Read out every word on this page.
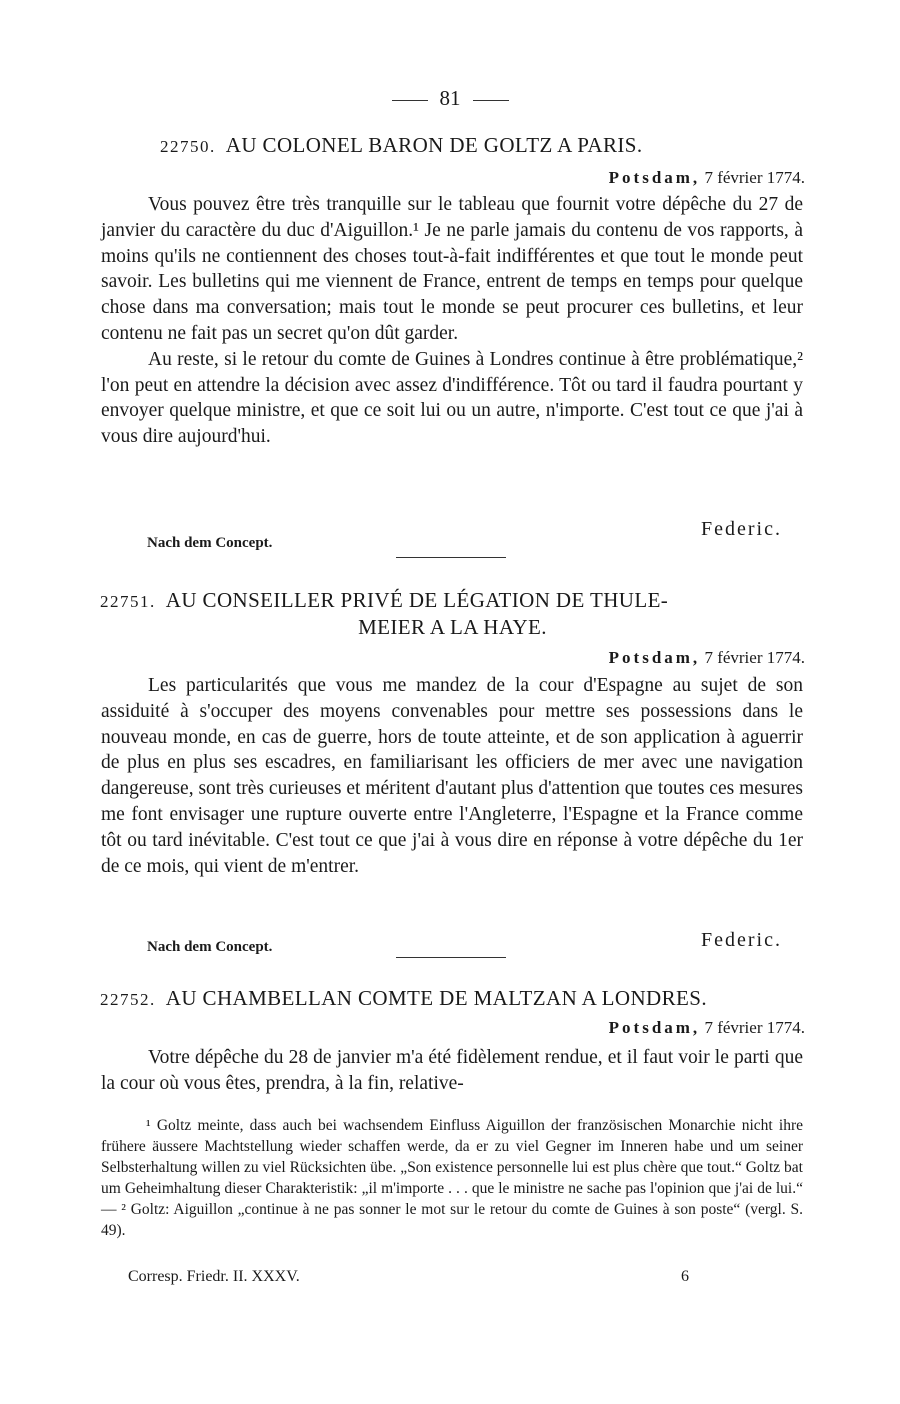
81
22750. AU COLONEL BARON DE GOLTZ A PARIS.
Potsdam, 7 février 1774.

Vous pouvez être très tranquille sur le tableau que fournit votre dépêche du 27 de janvier du caractère du duc d'Aiguillon.¹ Je ne parle jamais du contenu de vos rapports, à moins qu'ils ne contiennent des choses tout-à-fait indifférentes et que tout le monde peut savoir. Les bulletins qui me viennent de France, entrent de temps en temps pour quelque chose dans ma conversation; mais tout le monde se peut procurer ces bulletins, et leur contenu ne fait pas un secret qu'on dût garder.

Au reste, si le retour du comte de Guines à Londres continue à être problématique,² l'on peut en attendre la décision avec assez d'indifférence. Tôt ou tard il faudra pourtant y envoyer quelque ministre, et que ce soit lui ou un autre, n'importe. C'est tout ce que j'ai à vous dire aujourd'hui.

Federic.
Nach dem Concept.
22751. AU CONSEILLER PRIVÉ DE LÉGATION DE THULE-
MEIER A LA HAYE.
Potsdam, 7 février 1774.

Les particularités que vous me mandez de la cour d'Espagne au sujet de son assiduité à s'occuper des moyens convenables pour mettre ses possessions dans le nouveau monde, en cas de guerre, hors de toute atteinte, et de son application à aguerrir de plus en plus ses escadres, en familiarisant les officiers de mer avec une navigation dangereuse, sont très curieuses et méritent d'autant plus d'attention que toutes ces mesures me font envisager une rupture ouverte entre l'Angleterre, l'Espagne et la France comme tôt ou tard inévitable. C'est tout ce que j'ai à vous dire en réponse à votre dépêche du 1er de ce mois, qui vient de m'entrer.

Nach dem Concept.	Federic.
22752. AU CHAMBELLAN COMTE DE MALTZAN A LONDRES.
Potsdam, 7 février 1774.

Votre dépêche du 28 de janvier m'a été fidèlement rendue, et il faut voir le parti que la cour où vous êtes, prendra, à la fin, relative-

¹ Goltz meinte, dass auch bei wachsendem Einfluss Aiguillon der französischen Monarchie nicht ihre frühere äussere Machtstellung wieder schaffen werde, da er zu viel Gegner im Inneren habe und um seiner Selbsterhaltung willen zu viel Rücksichten übe. „Son existence personnelle lui est plus chère que tout.“ Goltz bat um Geheimhaltung dieser Charakteristik: „il m'importe . . . que le ministre ne sache pas l'opinion que j'ai de lui.“ — ² Goltz: Aiguillon „continue à ne pas sonner le mot sur le retour du comte de Guines à son poste“ (vergl. S. 49).

Corresp. Friedr. II. XXXV.	6
